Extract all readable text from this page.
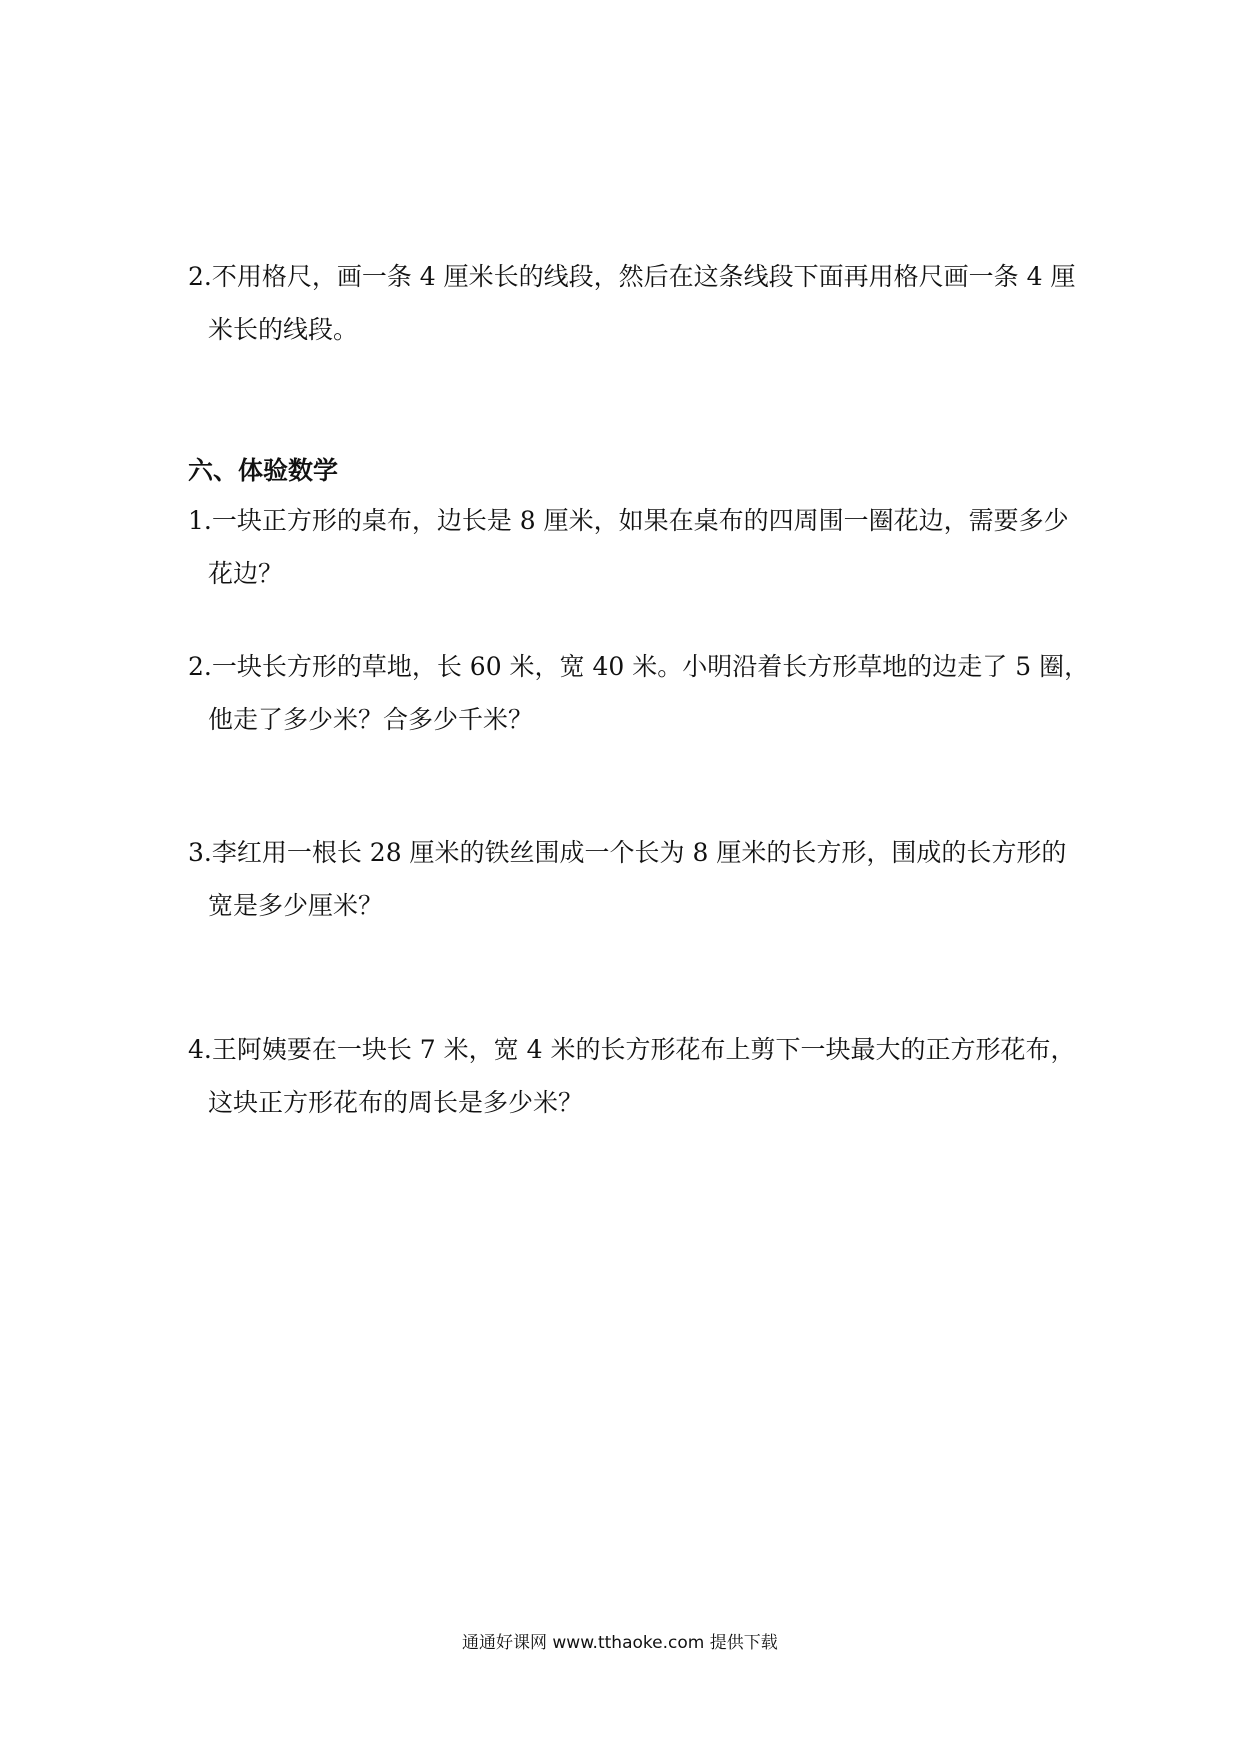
2.不用格尺，画一条 4 厘米长的线段，然后在这条线段下面再用格尺画一条 4 厘
米长的线段。
六、体验数学
1.一块正方形的桌布，边长是 8 厘米，如果在桌布的四周围一圈花边，需要多少
花边？
2.一块长方形的草地，长 60 米，宽 40 米。小明沿着长方形草地的边走了 5 圈，
他走了多少米？合多少千米？
3.李红用一根长 28 厘米的铁丝围成一个长为 8 厘米的长方形，围成的长方形的
宽是多少厘米？
4.王阿姨要在一块长 7 米，宽 4 米的长方形花布上剪下一块最大的正方形花布，
这块正方形花布的周长是多少米？
通通好课网 www.tthaoke.com 提供下载
